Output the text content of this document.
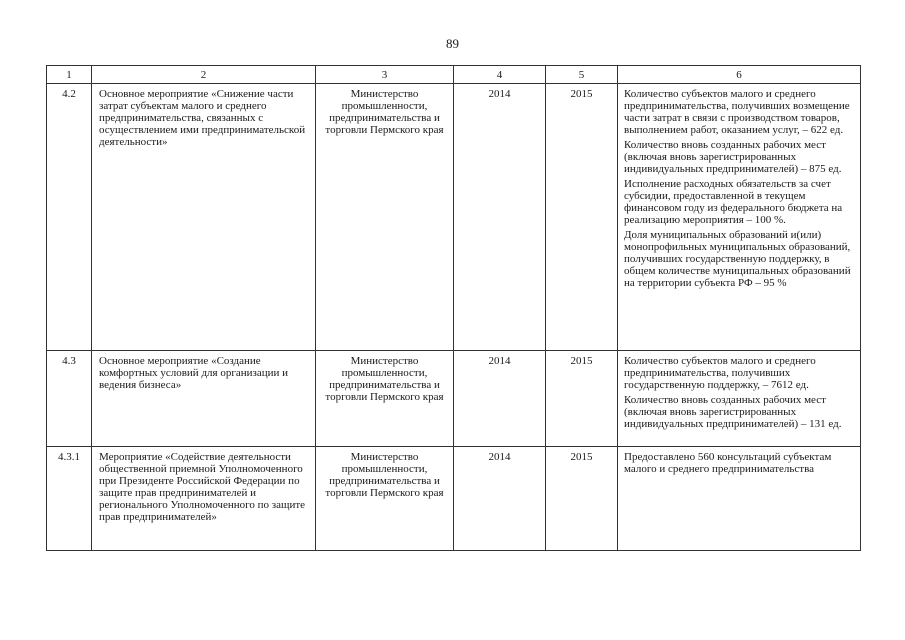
89
1	2	3	4	5	6
4.2	Основное мероприятие «Снижение части затрат субъектам малого и среднего предпринимательства, связанных с осуществлением ими предпринимательской деятельности»	Министерство промышленности, предпринимательства и торговли Пермского края	2014	2015	Количество субъектов малого и среднего предпринимательства, получивших возмещение части затрат в связи с производством товаров, выполнением работ, оказанием услуг, – 622 ед.

Количество вновь созданных рабочих мест (включая вновь зарегистрированных индивидуальных предпринимателей) – 875 ед.

Исполнение расходных обязательств за счет субсидии, предоставленной в текущем финансовом году из федерального бюджета на реализацию мероприятия – 100 %.

Доля муниципальных образований и(или) монопрофильных муниципальных образований, получивших государственную поддержку, в общем количестве муниципальных образований на территории субъекта РФ – 95 %

4.3	Основное мероприятие «Создание комфортных условий для организации и ведения бизнеса»	Министерство промышленности, предпринимательства и торговли Пермского края	2014	2015	Количество субъектов малого и среднего предпринимательства, получивших государственную поддержку, – 7612 ед.

Количество вновь созданных рабочих мест (включая вновь зарегистрированных индивидуальных предпринимателей) – 131 ед.

4.3.1	Мероприятие «Содействие деятельности общественной приемной Уполномоченного при Президенте Российской Федерации по защите прав предпринимателей и регионального Уполномоченного по защите прав предпринимателей»	Министерство промышленности, предпринимательства и торговли Пермского края	2014	2015	Предоставлено 560 консультаций субъектам малого и среднего предпринимательства
